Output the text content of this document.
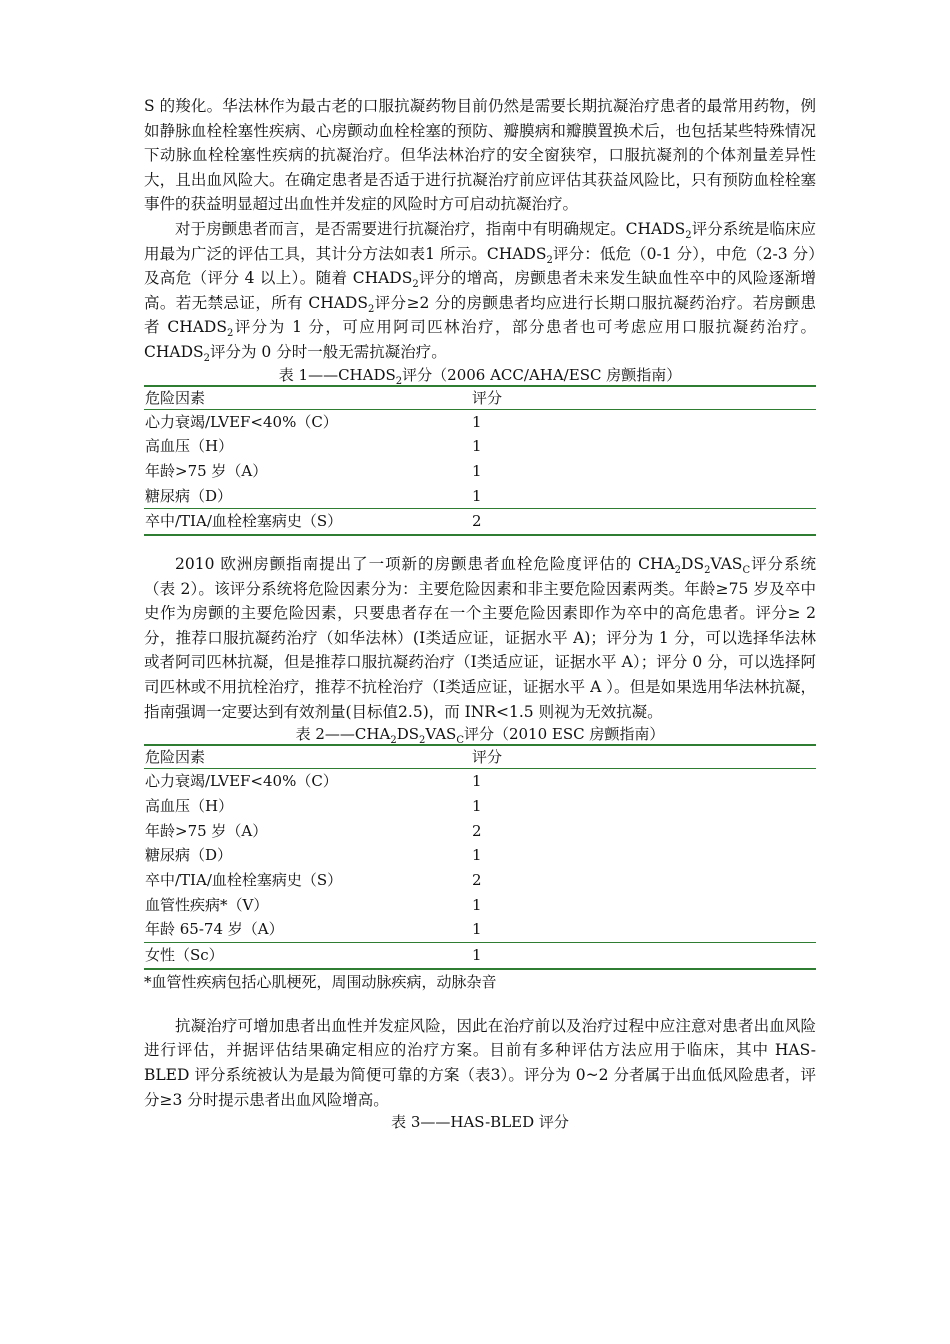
S 的羧化。华法林作为最古老的口服抗凝药物目前仍然是需要长期抗凝治疗患者的最常用药物，例如静脉血栓栓塞性疾病、心房颤动血栓栓塞的预防、瓣膜病和瓣膜置换术后，也包括某些特殊情况下动脉血栓栓塞性疾病的抗凝治疗。但华法林治疗的安全窗狭窄，口服抗凝剂的个体剂量差异性大，且出血风险大。在确定患者是否适于进行抗凝治疗前应评估其获益风险比，只有预防血栓栓塞事件的获益明显超过出血性并发症的风险时方可启动抗凝治疗。

对于房颤患者而言，是否需要进行抗凝治疗，指南中有明确规定。$CHADS_2$评分系统是临床应用最为广泛的评估工具，其计分方法如表1 所示。$CHADS_2$评分：低危（0-1 分），中危（2-3 分）及高危（评分 4 以上）。随着 $CHADS_2$评分的增高，房颤患者未来发生缺血性卒中的风险逐渐增高。若无禁忌证，所有 $CHADS_2$评分≥2 分的房颤患者均应进行长期口服抗凝药治疗。若房颤患者 $CHADS_2$评分为 1 分，可应用阿司匹林治疗，部分患者也可考虑应用口服抗凝药治疗。$CHADS_2$评分为 0 分时一般无需抗凝治疗。

表 $1——CHADS_2$评分（2006 ACC/AHA/ESC 房颤指南）
危险因素	评分
心力衰竭/LVEF<40%（C）	1
高血压（H）	1
年龄>75 岁（A）	1
糖尿病（D）	1
卒中/TIA/血栓栓塞病史（S）	2

2010 欧洲房颤指南提出了一项新的房颤患者血栓危险度评估的 $CHA_2DS_2VAS_C$评分系统（表 2）。该评分系统将危险因素分为：主要危险因素和非主要危险因素两类。年龄≥75 岁及卒中史作为房颤的主要危险因素，只要患者存在一个主要危险因素即作为卒中的高危患者。评分≥ 2 分，推荐口服抗凝药治疗（如华法林）(Ⅰ类适应证，证据水平 A)；评分为 1 分，可以选择华法林或者阿司匹林抗凝，但是推荐口服抗凝药治疗（Ⅰ类适应证，证据水平 A）；评分 0 分，可以选择阿司匹林或不用抗栓治疗，推荐不抗栓治疗（Ⅰ类适应证，证据水平 A ）。但是如果选用华法林抗凝，指南强调一定要达到有效剂量(目标值2.5)，而 INR<1.5 则视为无效抗凝。

表 $2——CHA_2DS_2VAS_C$评分（2010 ESC 房颤指南）
危险因素	评分
心力衰竭/LVEF<40%（C）	1
高血压（H）	1
年龄>75 岁（A）	2
糖尿病（D）	1
卒中/TIA/血栓栓塞病史（S）	2
血管性疾病*（V）	1
年龄 65-74 岁（A）	1
女性（Sc）	1
*血管性疾病包括心肌梗死，周围动脉疾病，动脉杂音

抗凝治疗可增加患者出血性并发症风险，因此在治疗前以及治疗过程中应注意对患者出血风险进行评估，并据评估结果确定相应的治疗方案。目前有多种评估方法应用于临床，其中 HAS-BLED 评分系统被认为是最为简便可靠的方案（表3）。评分为 0~2 分者属于出血低风险患者，评分≥3 分时提示患者出血风险增高。

表 3——HAS-BLED 评分
